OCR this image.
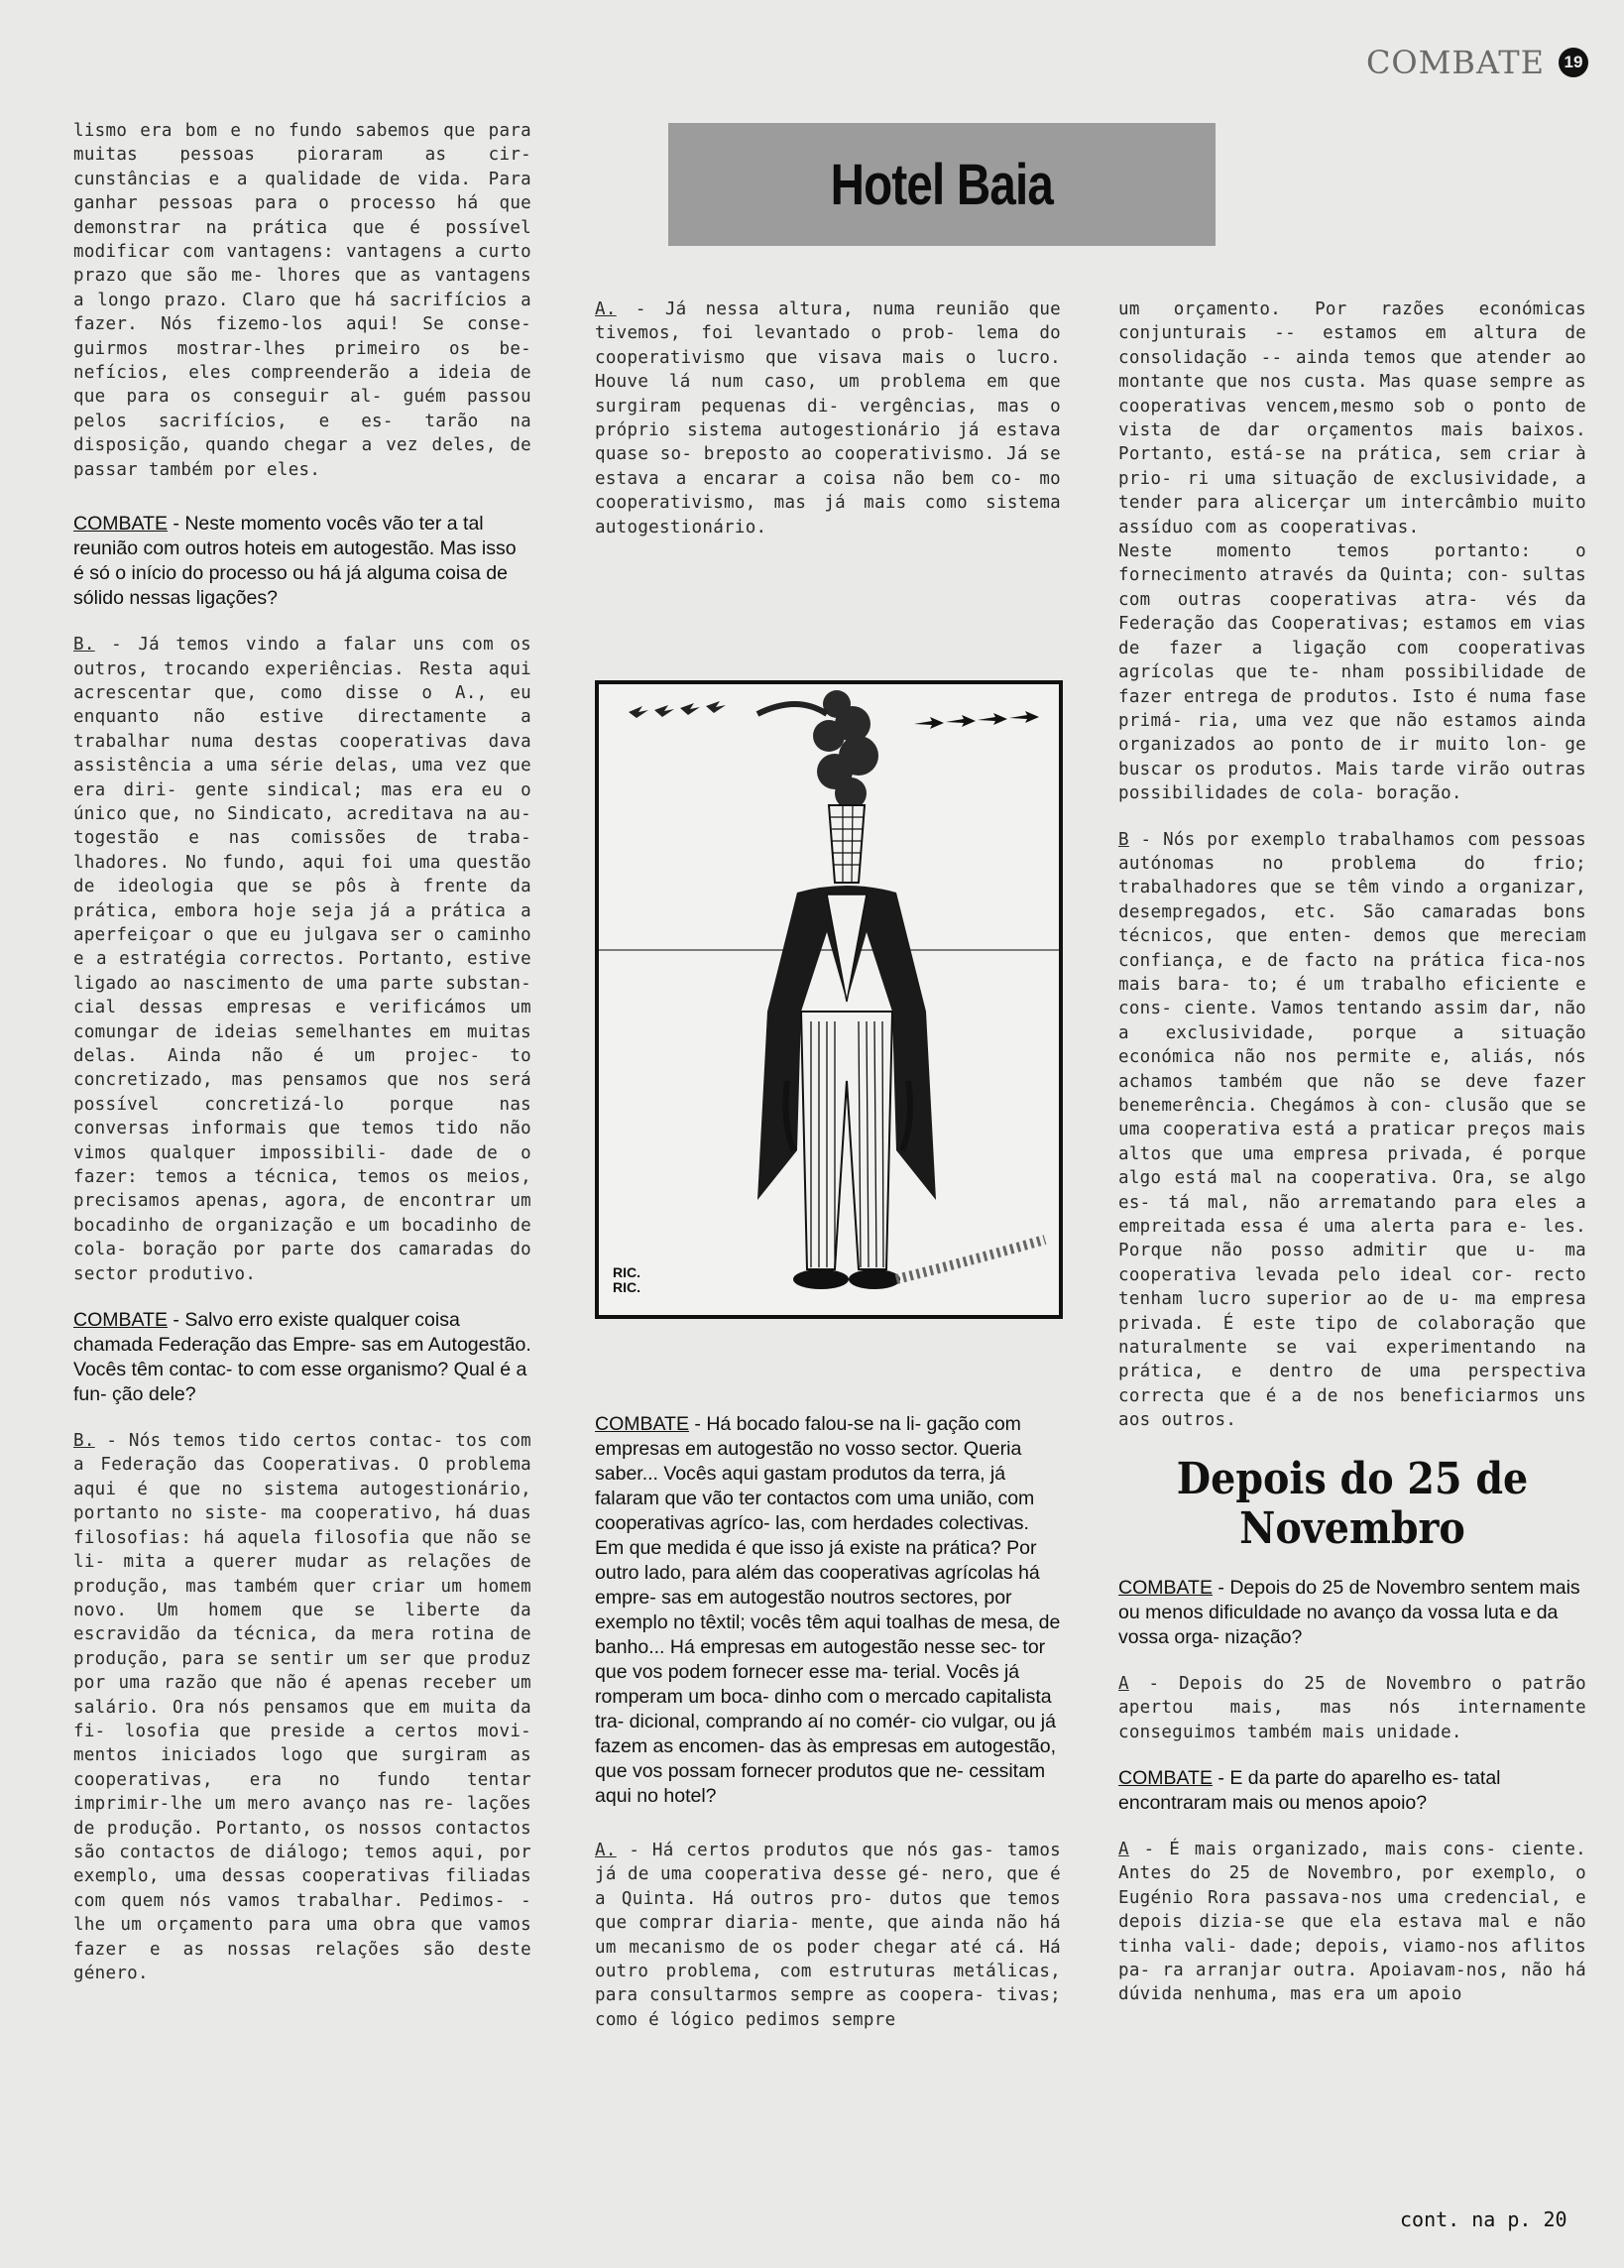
COMBATE	19
Hotel Baia

lismo era bom e no fundo sabemos que para muitas pessoas pioraram as cir- cunstâncias e a qualidade de vida. Para ganhar pessoas para o processo há que demonstrar na prática que é possível modificar com vantagens: vantagens a curto prazo que são me- lhores que as vantagens a longo prazo. Claro que há sacrifícios a fazer. Nós fizemo-los aqui! Se conse- guirmos mostrar-lhes primeiro os be- nefícios, eles compreenderão a ideia de que para os conseguir al- guém passou pelos sacrifícios, e es- tarão na disposição, quando chegar a vez deles, de passar também por eles.

COMBATE - Neste momento vocês vão ter a tal reunião com outros hoteis em autogestão. Mas isso é só o início do processo ou há já alguma coisa de sólido nessas ligações?

B. - Já temos vindo a falar uns com os outros, trocando experiências. Resta aqui acrescentar que, como disse o A., eu enquanto não estive directamente a trabalhar numa destas cooperativas dava assistência a uma série delas, uma vez que era diri- gente sindical; mas era eu o único que, no Sindicato, acreditava na au- togestão e nas comissões de traba- lhadores. No fundo, aqui foi uma questão de ideologia que se pôs à frente da prática, embora hoje seja já a prática a aperfeiçoar o que eu julgava ser o caminho e a estratégia correctos. Portanto, estive ligado ao nascimento de uma parte substan- cial dessas empresas e verificámos um comungar de ideias semelhantes em muitas delas. Ainda não é um projec- to concretizado, mas pensamos que nos será possível concretizá-lo porque nas conversas informais que temos tido não vimos qualquer impossibili- dade de o fazer: temos a técnica, temos os meios, precisamos apenas, agora, de encontrar um bocadinho de organização e um bocadinho de cola- boração por parte dos camaradas do sector produtivo.

COMBATE - Salvo erro existe qualquer coisa chamada Federação das Empre- sas em Autogestão. Vocês têm contac- to com esse organismo? Qual é a fun- ção dele?

B. - Nós temos tido certos contac- tos com a Federação das Cooperativas. O problema aqui é que no sistema autogestionário, portanto no siste- ma cooperativo, há duas filosofias: há aquela filosofia que não se li- mita a querer mudar as relações de produção, mas também quer criar um homem novo. Um homem que se liberte da escravidão da técnica, da mera rotina de produção, para se sentir um ser que produz por uma razão que não é apenas receber um salário. Ora nós pensamos que em muita da fi- losofia que preside a certos movi- mentos iniciados logo que surgiram as cooperativas, era no fundo tentar imprimir-lhe um mero avanço nas re- lações de produção. Portanto, os nossos contactos são contactos de diálogo; temos aqui, por exemplo, uma dessas cooperativas filiadas com quem nós vamos trabalhar. Pedimos- -lhe um orçamento para uma obra que vamos fazer e as nossas relações são deste género.

A. - Já nessa altura, numa reunião que tivemos, foi levantado o prob- lema do cooperativismo que visava mais o lucro. Houve lá num caso, um problema em que surgiram pequenas di- vergências, mas o próprio sistema autogestionário já estava quase so- breposto ao cooperativismo. Já se estava a encarar a coisa não bem co- mo cooperativismo, mas já mais como sistema autogestionário.

RIC.
RIC.

COMBATE - Há bocado falou-se na li- gação com empresas em autogestão no vosso sector. Queria saber... Vocês aqui gastam produtos da terra, já falaram que vão ter contactos com uma união, com cooperativas agríco- las, com herdades colectivas. Em que medida é que isso já existe na prática? Por outro lado, para além das cooperativas agrícolas há empre- sas em autogestão noutros sectores, por exemplo no têxtil; vocês têm aqui toalhas de mesa, de banho... Há empresas em autogestão nesse sec- tor que vos podem fornecer esse ma- terial. Vocês já romperam um boca- dinho com o mercado capitalista tra- dicional, comprando aí no comér- cio vulgar, ou já fazem as encomen- das às empresas em autogestão, que vos possam fornecer produtos que ne- cessitam aqui no hotel?

A. - Há certos produtos que nós gas- tamos já de uma cooperativa desse gé- nero, que é a Quinta. Há outros pro- dutos que temos que comprar diaria- mente, que ainda não há um mecanismo de os poder chegar até cá. Há outro problema, com estruturas metálicas, para consultarmos sempre as coopera- tivas; como é lógico pedimos sempre

um orçamento. Por razões económicas conjunturais -- estamos em altura de consolidação -- ainda temos que atender ao montante que nos custa. Mas quase sempre as cooperativas vencem,mesmo sob o ponto de vista de dar orçamentos mais baixos. Portanto, está-se na prática, sem criar à prio- ri uma situação de exclusividade, a tender para alicerçar um intercâmbio muito assíduo com as cooperativas.
Neste momento temos portanto: o fornecimento através da Quinta; con- sultas com outras cooperativas atra- vés da Federação das Cooperativas; estamos em vias de fazer a ligação com cooperativas agrícolas que te- nham possibilidade de fazer entrega de produtos. Isto é numa fase primá- ria, uma vez que não estamos ainda organizados ao ponto de ir muito lon- ge buscar os produtos. Mais tarde virão outras possibilidades de cola- boração.

B - Nós por exemplo trabalhamos com pessoas autónomas no problema do frio; trabalhadores que se têm vindo a organizar, desempregados, etc. São camaradas bons técnicos, que enten- demos que mereciam confiança, e de facto na prática fica-nos mais bara- to; é um trabalho eficiente e cons- ciente. Vamos tentando assim dar, não a exclusividade, porque a situação económica não nos permite e, aliás, nós achamos também que não se deve fazer benemerência. Chegámos à con- clusão que se uma cooperativa está a praticar preços mais altos que uma empresa privada, é porque algo está mal na cooperativa. Ora, se algo es- tá mal, não arrematando para eles a empreitada essa é uma alerta para e- les. Porque não posso admitir que u- ma cooperativa levada pelo ideal cor- recto tenham lucro superior ao de u- ma empresa privada. É este tipo de colaboração que naturalmente se vai experimentando na prática, e dentro de uma perspectiva correcta que é a de nos beneficiarmos uns aos outros.

Depois do 25 de
Novembro

COMBATE - Depois do 25 de Novembro sentem mais ou menos dificuldade no avanço da vossa luta e da vossa orga- nização?

A - Depois do 25 de Novembro o patrão apertou mais, mas nós internamente conseguimos também mais unidade.

COMBATE - E da parte do aparelho es- tatal encontraram mais ou menos apoio?

A - É mais organizado, mais cons- ciente. Antes do 25 de Novembro, por exemplo, o Eugénio Rora passava-nos uma credencial, e depois dizia-se que ela estava mal e não tinha vali- dade; depois, viamo-nos aflitos pa- ra arranjar outra. Apoiavam-nos, não há dúvida nenhuma, mas era um apoio

cont. na p. 20
